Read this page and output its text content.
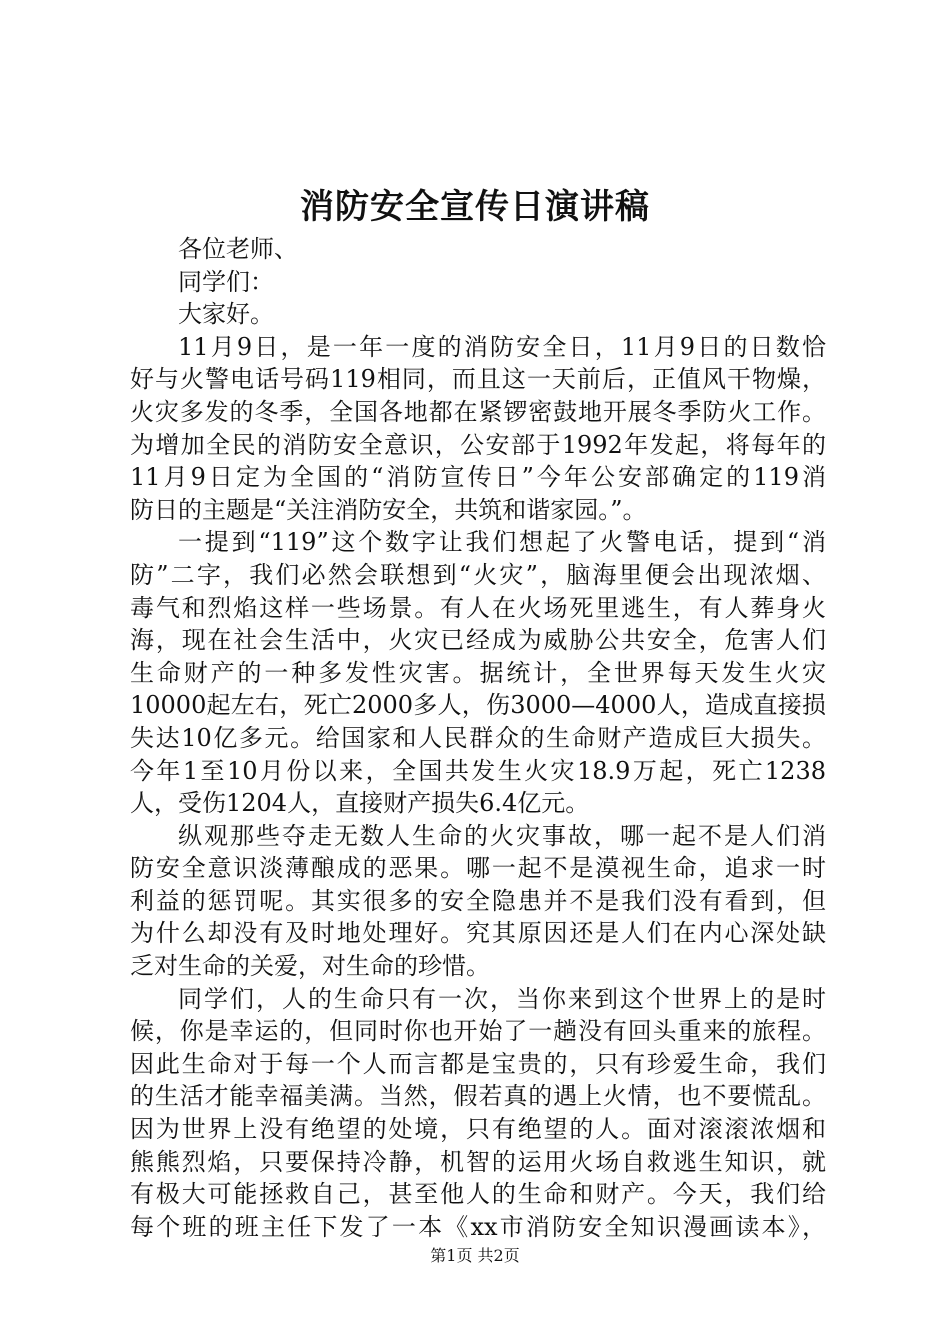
消防安全宣传日演讲稿

各位老师、

同学们：

大家好。

11月9日，是一年一度的消防安全日，11月9日的日数恰

好与火警电话号码119相同，而且这一天前后，正值风干物燥，

火灾多发的冬季，全国各地都在紧锣密鼓地开展冬季防火工作。

为增加全民的消防安全意识，公安部于1992年发起，将每年的

11月9日定为全国的“消防宣传日”今年公安部确定的119消

防日的主题是“关注消防安全，共筑和谐家园。”。

一提到“119”这个数字让我们想起了火警电话，提到“消

防”二字，我们必然会联想到“火灾”，脑海里便会出现浓烟、

毒气和烈焰这样一些场景。有人在火场死里逃生，有人葬身火

海，现在社会生活中，火灾已经成为威胁公共安全，危害人们

生命财产的一种多发性灾害。据统计，全世界每天发生火灾

10000起左右，死亡2000多人，伤3000—4000人，造成直接损

失达10亿多元。给国家和人民群众的生命财产造成巨大损失。

今年1至10月份以来，全国共发生火灾18.9万起，死亡1238

人，受伤1204人，直接财产损失6.4亿元。

纵观那些夺走无数人生命的火灾事故，哪一起不是人们消

防安全意识淡薄酿成的恶果。哪一起不是漠视生命，追求一时

利益的惩罚呢。其实很多的安全隐患并不是我们没有看到，但

为什么却没有及时地处理好。究其原因还是人们在内心深处缺

乏对生命的关爱，对生命的珍惜。

同学们，人的生命只有一次，当你来到这个世界上的是时

候，你是幸运的，但同时你也开始了一趟没有回头重来的旅程。

因此生命对于每一个人而言都是宝贵的，只有珍爱生命，我们

的生活才能幸福美满。当然，假若真的遇上火情，也不要慌乱。

因为世界上没有绝望的处境，只有绝望的人。面对滚滚浓烟和

熊熊烈焰，只要保持冷静，机智的运用火场自救逃生知识，就

有极大可能拯救自己，甚至他人的生命和财产。今天，我们给

每个班的班主任下发了一本《xx市消防安全知识漫画读本》，

第1页 共2页
